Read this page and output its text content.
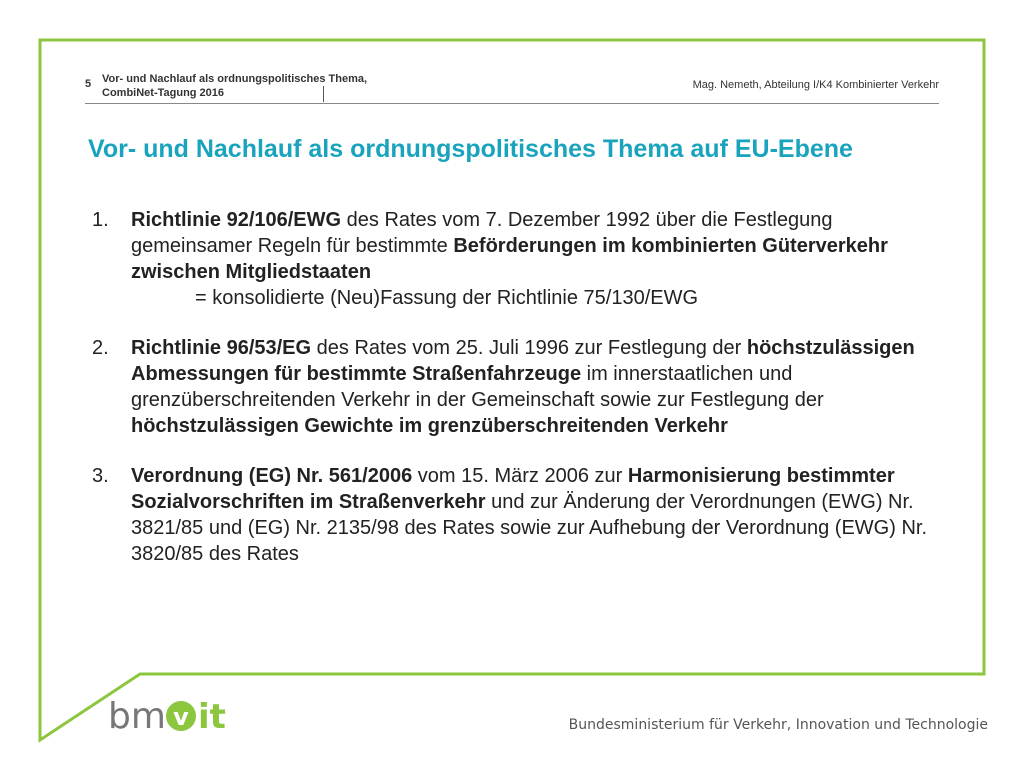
5 Vor- und Nachlauf als ordnungspolitisches Thema,
CombiNet-Tagung 2016
Mag. Nemeth, Abteilung I/K4 Kombinierter Verkehr
Vor- und Nachlauf als ordnungspolitisches Thema auf EU-Ebene
1.	Richtlinie 92/106/EWG des Rates vom 7. Dezember 1992 über die Festlegung gemeinsamer Regeln für bestimmte Beförderungen im kombinierten Güterverkehr zwischen Mitgliedstaaten
= konsolidierte (Neu)Fassung der Richtlinie 75/130/EWG
2.	Richtlinie 96/53/EG des Rates vom 25. Juli 1996 zur Festlegung der höchstzulässigen Abmessungen für bestimmte Straßenfahrzeuge im innerstaatlichen und grenzüberschreitenden Verkehr in der Gemeinschaft sowie zur Festlegung der höchstzulässigen Gewichte im grenzüberschreitenden Verkehr
3.	Verordnung (EG) Nr. 561/2006 vom 15. März 2006 zur Harmonisierung bestimmter Sozialvorschriften im Straßenverkehr und zur Änderung der Verordnungen (EWG) Nr. 3821/85 und (EG) Nr. 2135/98 des Rates sowie zur Aufhebung der Verordnung (EWG) Nr. 3820/85 des Rates
bm v it	Bundesministerium für Verkehr, Innovation und Technologie
